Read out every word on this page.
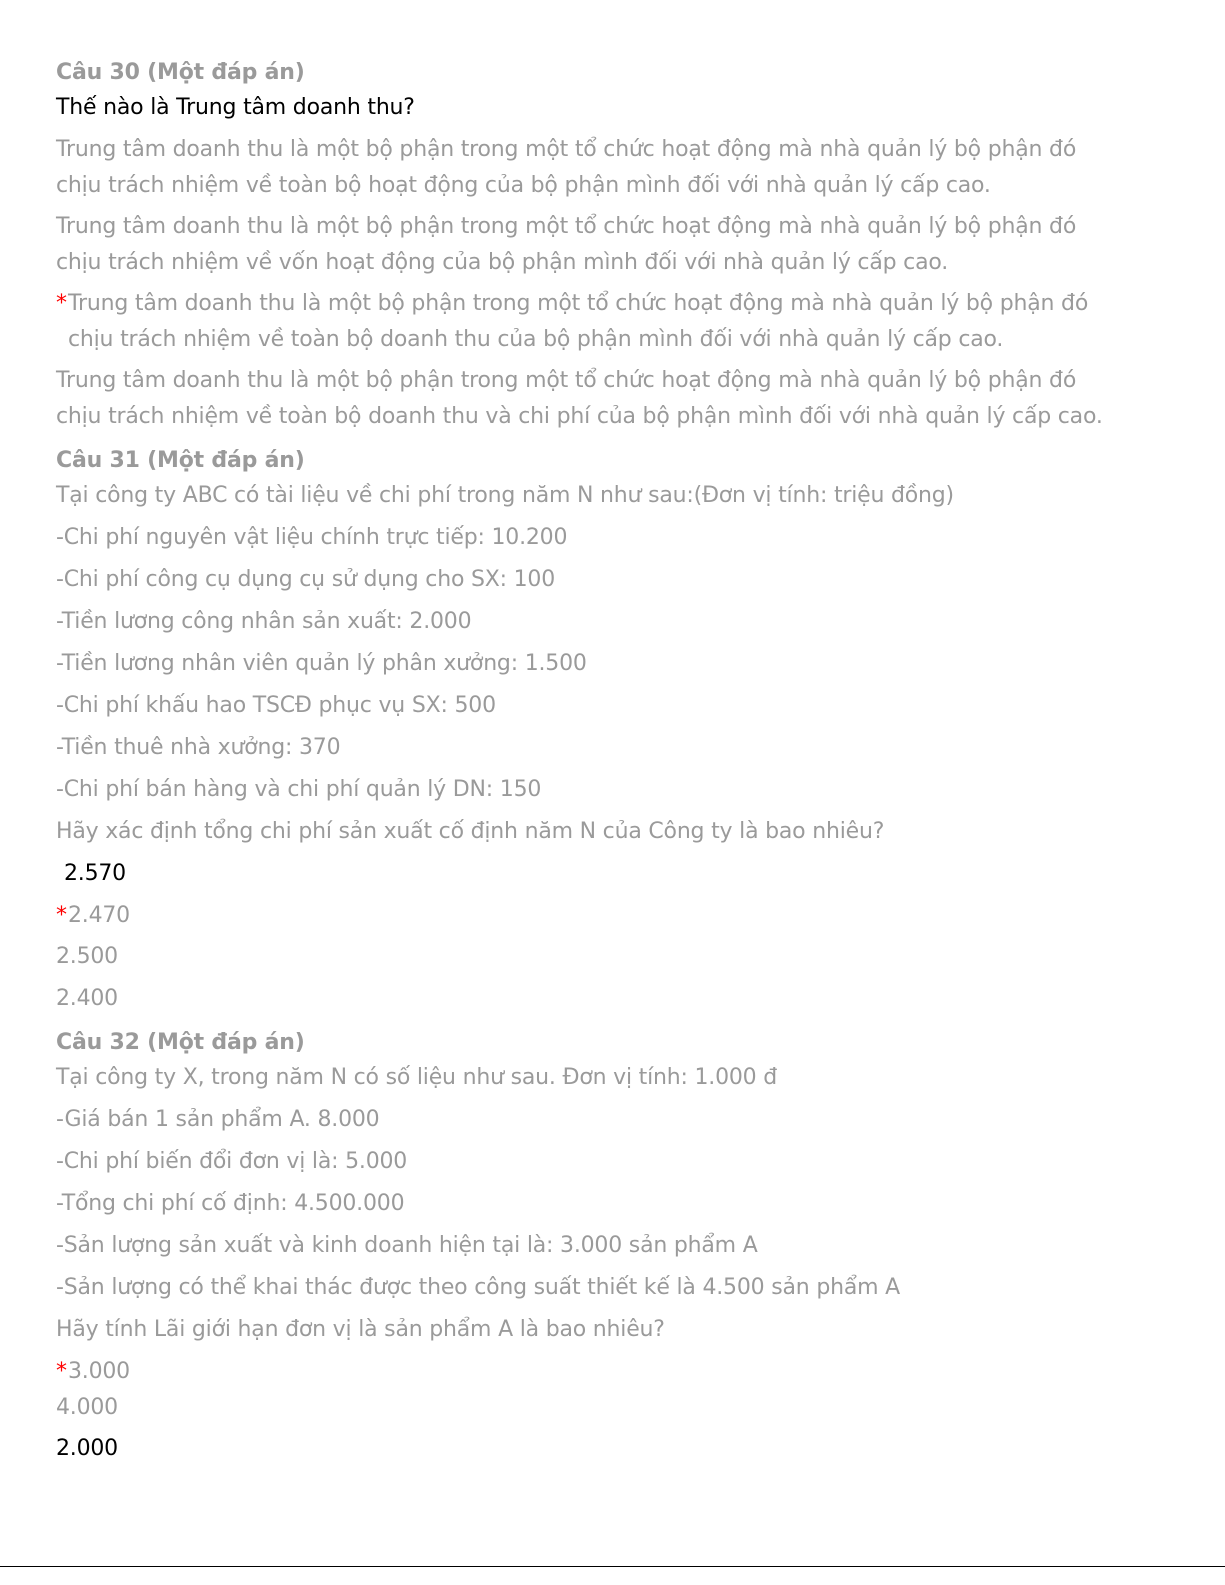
Câu 30 (Một đáp án)
Thế nào là Trung tâm doanh thu?
Trung tâm doanh thu là một bộ phận trong một tổ chức hoạt động mà nhà quản lý bộ phận đó
chịu trách nhiệm về toàn bộ hoạt động của bộ phận mình đối với nhà quản lý cấp cao.
Trung tâm doanh thu là một bộ phận trong một tổ chức hoạt động mà nhà quản lý bộ phận đó
chịu trách nhiệm về vốn hoạt động của bộ phận mình đối với nhà quản lý cấp cao.
* Trung tâm doanh thu là một bộ phận trong một tổ chức hoạt động mà nhà quản lý bộ phận đó
chịu trách nhiệm về toàn bộ doanh thu của bộ phận mình đối với nhà quản lý cấp cao.
Trung tâm doanh thu là một bộ phận trong một tổ chức hoạt động mà nhà quản lý bộ phận đó
chịu trách nhiệm về toàn bộ doanh thu và chi phí của bộ phận mình đối với nhà quản lý cấp cao.
Câu 31 (Một đáp án)
Tại công ty ABC có tài liệu về chi phí trong năm N như sau:(Đơn vị tính: triệu đồng)
-Chi phí nguyên vật liệu chính trực tiếp: 10.200
-Chi phí công cụ dụng cụ sử dụng cho SX: 100
-Tiền lương công nhân sản xuất: 2.000
-Tiền lương nhân viên quản lý phân xưởng: 1.500
-Chi phí khấu hao TSCĐ phục vụ SX: 500
-Tiền thuê nhà xưởng: 370
-Chi phí bán hàng và chi phí quản lý DN: 150
Hãy xác định tổng chi phí sản xuất cố định năm N của Công ty là bao nhiêu?
2.570
* 2.470
2.500
2.400
Câu 32 (Một đáp án)
Tại công ty X, trong năm N có số liệu như sau. Đơn vị tính: 1.000 đ
-Giá bán 1 sản phẩm A. 8.000
-Chi phí biến đổi đơn vị là: 5.000
-Tổng chi phí cố định: 4.500.000
-Sản lượng sản xuất và kinh doanh hiện tại là: 3.000 sản phẩm A
-Sản lượng có thể khai thác được theo công suất thiết kế là 4.500 sản phẩm A
Hãy tính Lãi giới hạn đơn vị là sản phẩm A là bao nhiêu?
* 3.000
4.000
2.000
